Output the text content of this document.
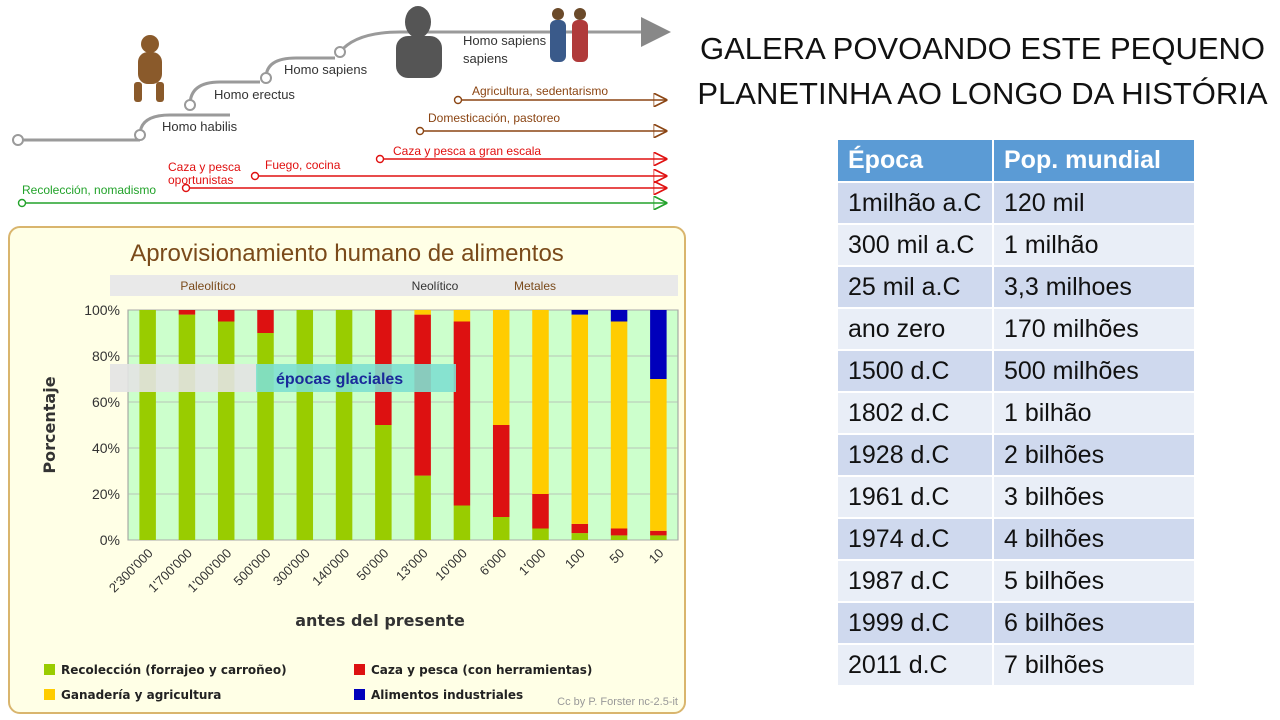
Homo habilis
Homo erectus
Homo sapiens
Homo sapiens
sapiens
Agricultura, sedentarismo
Domesticación, pastoreo
Caza y pesca a gran escala
Fuego, cocina
Caza y pesca
oportunistas
Recolección, nomadismo
Aprovisionamiento humano de alimentos
Paleolítico	Neolítico	Metales
0%
20%
40%
60%
80%
100%
2'300'000
1'700'000
1'000'000
500'000
300'000
140'000 50'000 13'000 10'000 6'000 1'000 100 50 10
épocas glaciales
antes del presente
Porcentaje
Recolección (forrajeo y carroñeo)
Ganadería y agricultura
Caza y pesca (con herramientas)
Alimentos industriales	Cc by P. Forster nc-2.5-it
GALERA POVOANDO ESTE PEQUENO
PLANETINHA AO LONGO DA HISTÓRIA
Época	Pop. mundial
1milhão a.C	120 mil
300 mil a.C	1 milhão
25 mil a.C	3,3 milhoes
ano zero	170 milhões
1500 d.C	500 milhões
1802 d.C	1 bilhão
1928 d.C	2 bilhões
1961 d.C	3 bilhões
1974 d.C	4 bilhões
1987 d.C	5 bilhões
1999 d.C	6 bilhões
2011 d.C	7 bilhões
